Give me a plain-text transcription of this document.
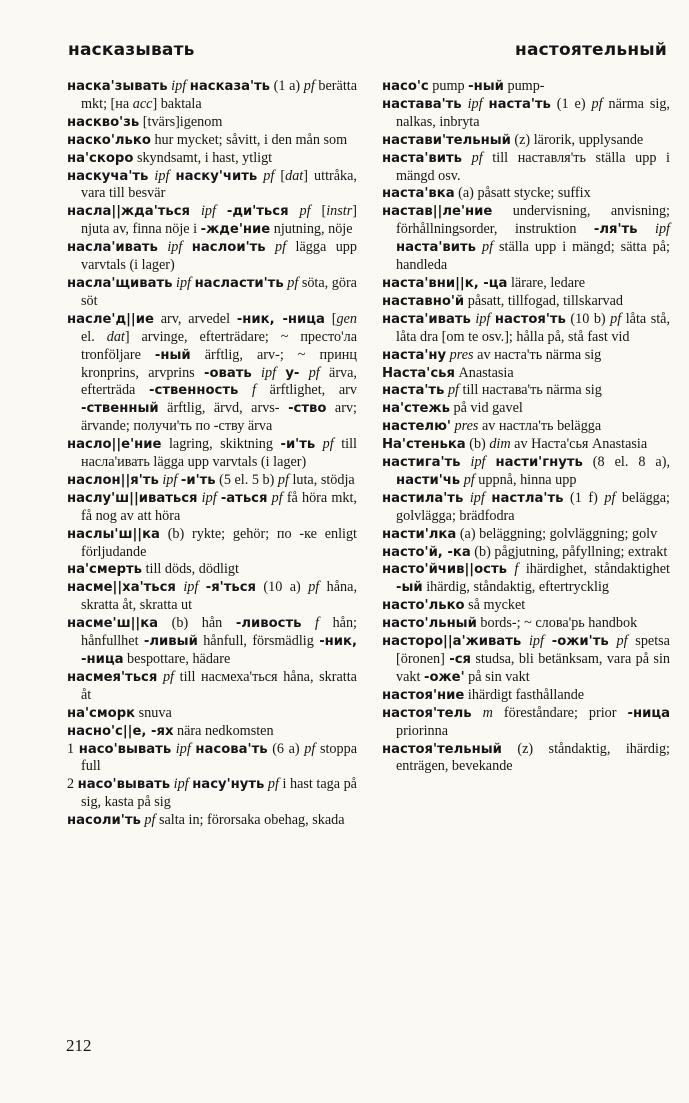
насказывать	настоятельный

наска'зывать ipf насказа'ть (1 a) pf berätta mkt; [на acc] baktala

наскво'зь [tvärs]igenom

наско'лько hur mycket; såvitt, i den mån som

на'скоро skyndsamt, i hast, ytligt

наскуча'ть ipf наску'чить pf [dat] uttråka, vara till besvär

насла||жда'ться ipf -ди'ться pf [instr] njuta av, finna nöje i -жде'ние njutning, nöje

насла'ивать ipf наслои'ть pf lägga upp varvtals (i lager)

насла'щивать ipf насласти'ть pf söta, göra söt

насле'д||ие arv, arvedel -ник, -ница [gen el. dat] arvinge, efterträdare; ~ престо'ла tronföljare -ный ärftlig, arv-; ~ принц kronprins, arvprins -овать ipf у- pf ärva, efterträda -ственность f ärftlighet, arv -ственный ärftlig, ärvd, arvs- -ство arv; ärvande; получи'ть по -ству ärva

насло||е'ние lagring, skiktning -и'ть pf till насла'ивать lägga upp varvtals (i lager)

наслон||я'ть ipf -и'ть (5 el. 5 b) pf luta, stödja

наслу'ш||иваться ipf -аться pf få höra mkt, få nog av att höra

наслы'ш||ка (b) rykte; gehör; по -ке enligt förljudande

на'смерть till döds, dödligt

насме||ха'ться ipf -я'ться (10 a) pf håna, skratta åt, skratta ut

насме'ш||ка (b) hån -ливость f hån; hånfullhet -ливый hånfull, försmädlig -ник, -ница bespottare, hädare

насмея'ться pf till насмеха'ться håna, skratta åt

на'сморк snuva

насно'с||е, -ях nära nedkomsten

1 насо'вывать ipf насова'ть (6 a) pf stoppa full

2 насо'вывать ipf насу'нуть pf i hast taga på sig, kasta på sig

насоли'ть pf salta in; förorsaka obehag, skada

насо'с pump -ный pump-

настава'ть ipf наста'ть (1 e) pf närma sig, nalkas, inbryta

настави'тельный (z) lärorik, upplysande

наста'вить pf till наставля'ть ställa upp i mängd osv.

наста'вка (a) påsatt stycke; suffix

настав||ле'ние undervisning, anvisning; förhållningsorder, instruktion -ля'ть ipf наста'вить pf ställa upp i mängd; sätta på; handleda

наста'вни||к, -ца lärare, ledare

наставно'й påsatt, tillfogad, tillskarvad

наста'ивать ipf настоя'ть (10 b) pf låta stå, låta dra [om te osv.]; hålla på, stå fast vid

наста'ну pres av наста'ть närma sig

Наста'сья Anastasia

наста'ть pf till настава'ть närma sig

на'стежь på vid gavel

настелю' pres av настла'ть belägga

На'стенька (b) dim av Наста'сья Anastasia

настига'ть ipf насти'гнуть (8 el. 8 a), насти'чь pf uppnå, hinna upp

настила'ть ipf настла'ть (1 f) pf belägga; golvlägga; brädfodra

насти'лка (a) beläggning; golvläggning; golv

насто'й, -ка (b) pågjutning, påfyllning; extrakt

насто'йчив||ость f ihärdighet, ståndaktighet -ый ihärdig, ståndaktig, eftertrycklig

насто'лько så mycket

насто'льный bords-; ~ слова'рь handbok

насторо||а'живать ipf -ожи'ть pf spetsa [öronen] -ся studsa, bli betänksam, vara på sin vakt -оже' på sin vakt

настоя'ние ihärdigt fasthållande

настоя'тель m föreståndare; prior -ница priorinna

настоя'тельный (z) ståndaktig, ihärdig; enträgen, bevekande

212
